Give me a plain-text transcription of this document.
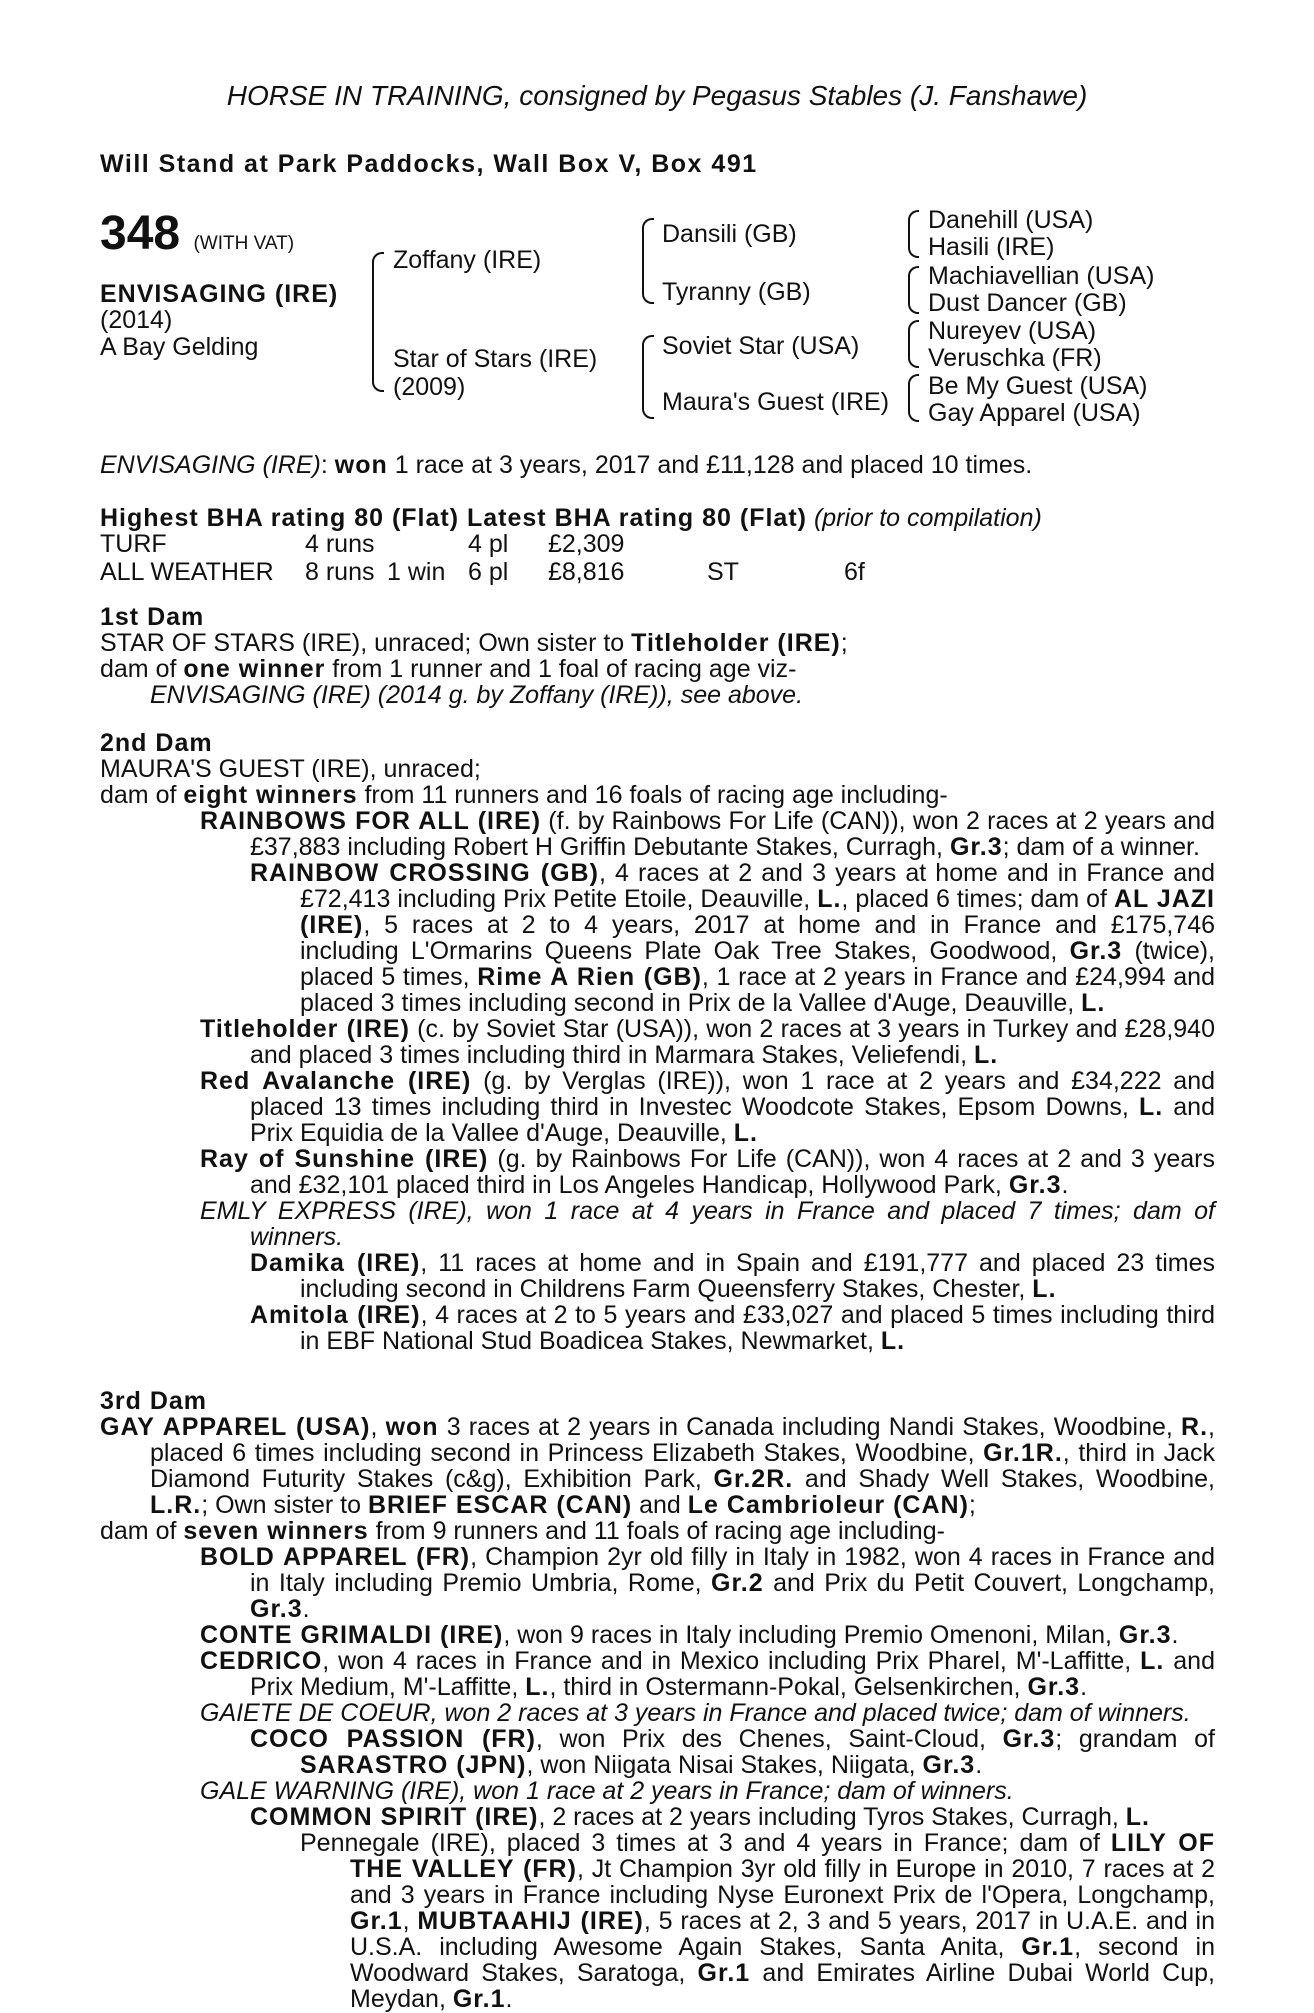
HORSE IN TRAINING, consigned by Pegasus Stables (J. Fanshawe)
Will Stand at Park Paddocks, Wall Box V, Box 491
348 (WITH VAT)
ENVISAGING (IRE)
(2014)
A Bay Gelding
Zoffany (IRE)
Star of Stars (IRE)
(2009)
Dansili (GB)
Tyranny (GB)
Soviet Star (USA)
Maura's Guest (IRE)
Danehill (USA)
Hasili (IRE)
Machiavellian (USA)
Dust Dancer (GB)
Nureyev (USA)
Veruschka (FR)
Be My Guest (USA)
Gay Apparel (USA)
ENVISAGING (IRE): won 1 race at 3 years, 2017 and £11,128 and placed 10 times.
Highest BHA rating 80 (Flat) Latest BHA rating 80 (Flat) (prior to compilation)
TURF	4 runs	4 pl £2,309
ALL WEATHER 8 runs 1 win 6 pl £8,816	ST	6f

1st Dam

STAR OF STARS (IRE), unraced; Own sister to Titleholder (IRE);

dam of one winner from 1 runner and 1 foal of racing age viz-

ENVISAGING (IRE) (2014 g. by Zoffany (IRE)), see above.

2nd Dam

MAURA'S GUEST (IRE), unraced;

dam of eight winners from 11 runners and 16 foals of racing age including-

RAINBOWS FOR ALL (IRE) (f. by Rainbows For Life (CAN)), won 2 races at 2 years and £37,883 including Robert H Griffin Debutante Stakes, Curragh, Gr.3; dam of a winner.

RAINBOW CROSSING (GB), 4 races at 2 and 3 years at home and in France and £72,413 including Prix Petite Etoile, Deauville, L., placed 6 times; dam of AL JAZI (IRE), 5 races at 2 to 4 years, 2017 at home and in France and £175,746 including L'Ormarins Queens Plate Oak Tree Stakes, Goodwood, Gr.3 (twice), placed 5 times, Rime A Rien (GB), 1 race at 2 years in France and £24,994 and placed 3 times including second in Prix de la Vallee d'Auge, Deauville, L.

Titleholder (IRE) (c. by Soviet Star (USA)), won 2 races at 3 years in Turkey and £28,940 and placed 3 times including third in Marmara Stakes, Veliefendi, L.

Red Avalanche (IRE) (g. by Verglas (IRE)), won 1 race at 2 years and £34,222 and placed 13 times including third in Investec Woodcote Stakes, Epsom Downs, L. and Prix Equidia de la Vallee d'Auge, Deauville, L.

Ray of Sunshine (IRE) (g. by Rainbows For Life (CAN)), won 4 races at 2 and 3 years and £32,101 placed third in Los Angeles Handicap, Hollywood Park, Gr.3.

EMLY EXPRESS (IRE), won 1 race at 4 years in France and placed 7 times; dam of winners.

Damika (IRE), 11 races at home and in Spain and £191,777 and placed 23 times including second in Childrens Farm Queensferry Stakes, Chester, L.

Amitola (IRE), 4 races at 2 to 5 years and £33,027 and placed 5 times including third in EBF National Stud Boadicea Stakes, Newmarket, L.

3rd Dam

GAY APPAREL (USA), won 3 races at 2 years in Canada including Nandi Stakes, Woodbine, R., placed 6 times including second in Princess Elizabeth Stakes, Woodbine, Gr.1R., third in Jack Diamond Futurity Stakes (c&g), Exhibition Park, Gr.2R. and Shady Well Stakes, Woodbine, L.R.; Own sister to BRIEF ESCAR (CAN) and Le Cambrioleur (CAN);

dam of seven winners from 9 runners and 11 foals of racing age including-

BOLD APPAREL (FR), Champion 2yr old filly in Italy in 1982, won 4 races in France and in Italy including Premio Umbria, Rome, Gr.2 and Prix du Petit Couvert, Longchamp, Gr.3.

CONTE GRIMALDI (IRE), won 9 races in Italy including Premio Omenoni, Milan, Gr.3.

CEDRICO, won 4 races in France and in Mexico including Prix Pharel, M'-Laffitte, L. and Prix Medium, M'-Laffitte, L., third in Ostermann-Pokal, Gelsenkirchen, Gr.3.

GAIETE DE COEUR, won 2 races at 3 years in France and placed twice; dam of winners.

COCO PASSION (FR), won Prix des Chenes, Saint-Cloud, Gr.3; grandam of SARASTRO (JPN), won Niigata Nisai Stakes, Niigata, Gr.3.

GALE WARNING (IRE), won 1 race at 2 years in France; dam of winners.

COMMON SPIRIT (IRE), 2 races at 2 years including Tyros Stakes, Curragh, L.

Pennegale (IRE), placed 3 times at 3 and 4 years in France; dam of LILY OF THE VALLEY (FR), Jt Champion 3yr old filly in Europe in 2010, 7 races at 2 and 3 years in France including Nyse Euronext Prix de l'Opera, Longchamp, Gr.1, MUBTAAHIJ (IRE), 5 races at 2, 3 and 5 years, 2017 in U.A.E. and in U.S.A. including Awesome Again Stakes, Santa Anita, Gr.1, second in Woodward Stakes, Saratoga, Gr.1 and Emirates Airline Dubai World Cup, Meydan, Gr.1.
